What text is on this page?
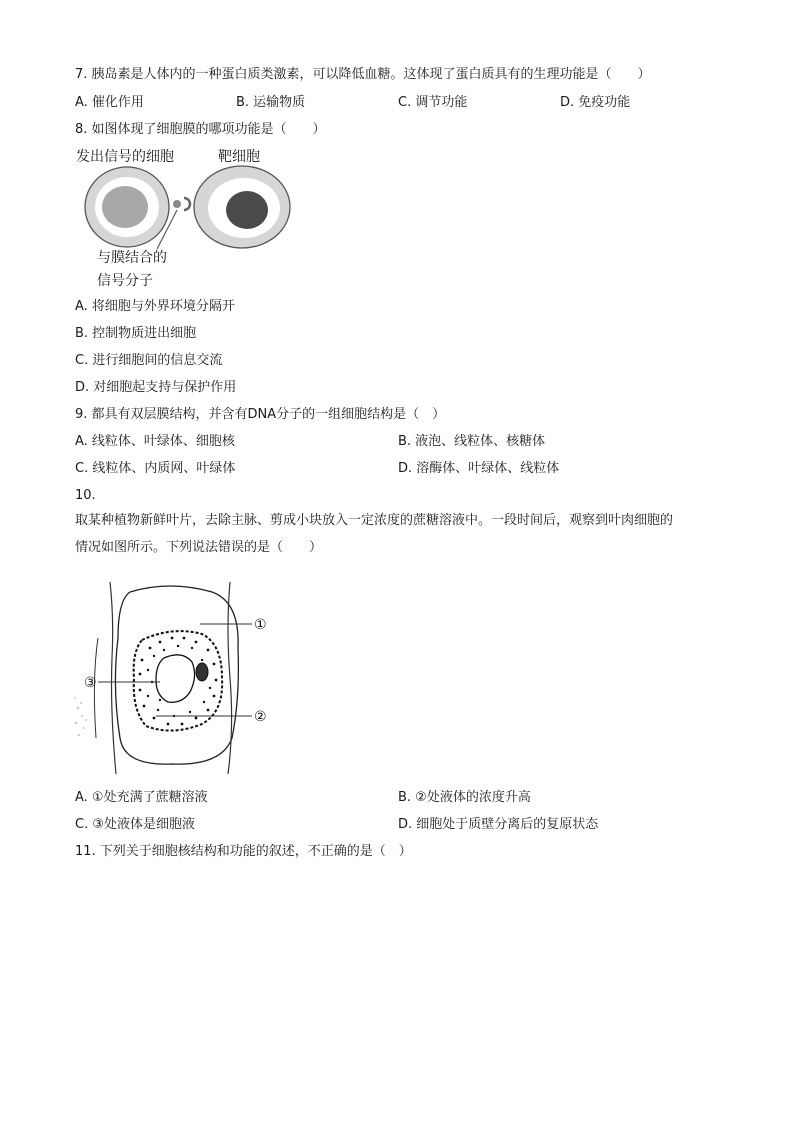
7. 胰岛素是人体内的一种蛋白质类激素，可以降低血糖。这体现了蛋白质具有的生理功能是（　　）
A. 催化作用	B. 运输物质	C. 调节功能	D. 免疫功能
8. 如图体现了细胞膜的哪项功能是（　　）
发出信号的细胞	靶细胞
与膜结合的
信号分子
A. 将细胞与外界环境分隔开
B. 控制物质进出细胞
C. 进行细胞间的信息交流
D. 对细胞起支持与保护作用
9. 都具有双层膜结构，并含有DNA分子的一组细胞结构是（　）
A. 线粒体、叶绿体、细胞核	B. 液泡、线粒体、核糖体
C. 线粒体、内质网、叶绿体	D. 溶酶体、叶绿体、线粒体
10.
取某种植物新鲜叶片，去除主脉、剪成小块放入一定浓度的蔗糖溶液中。一段时间后，观察到叶肉细胞的
情况如图所示。下列说法错误的是（　　）
①
③
②
A. ①处充满了蔗糖溶液	B. ②处液体的浓度升高
C. ③处液体是细胞液	D. 细胞处于质壁分离后的复原状态
11. 下列关于细胞核结构和功能的叙述，不正确的是（　）
